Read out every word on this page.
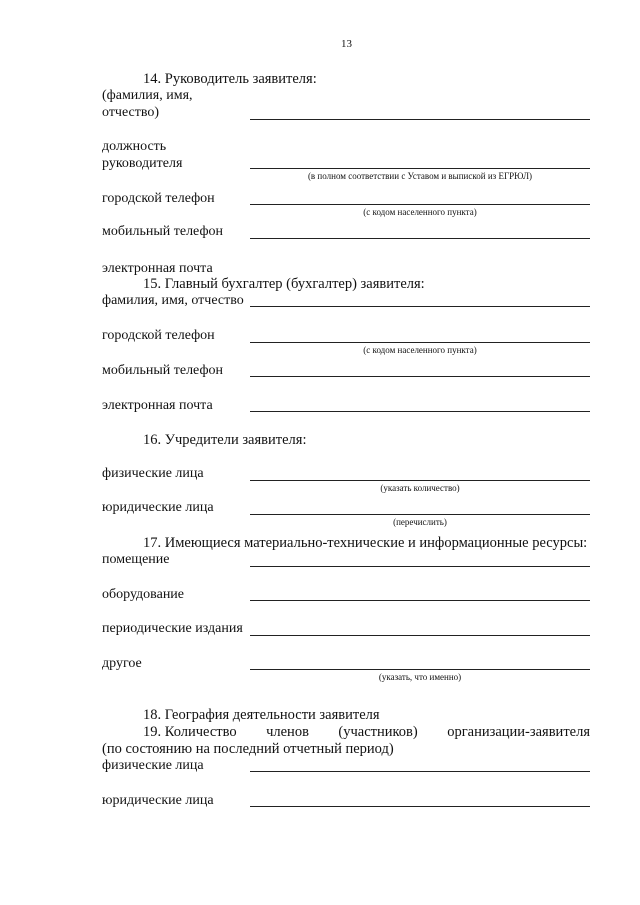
13
14. Руководитель заявителя:
(фамилия, имя,
отчество)
должность
руководителя
(в полном соответствии с Уставом и выпиской из ЕГРЮЛ)
городской телефон
(с кодом населенного пункта)
мобильный телефон
электронная почта
15. Главный бухгалтер (бухгалтер) заявителя:
фамилия, имя, отчество
городской телефон
(с кодом населенного пункта)
мобильный телефон
электронная почта
16. Учредители заявителя:
физические лица
(указать количество)
юридические лица
(перечислить)
17. Имеющиеся материально-технические и информационные ресурсы:
помещение
оборудование
периодические издания
другое
(указать, что именно)
18. География деятельности заявителя
19. Количество членов (участников) организации-заявителя
(по состоянию на последний отчетный период)
физические лица
юридические лица
